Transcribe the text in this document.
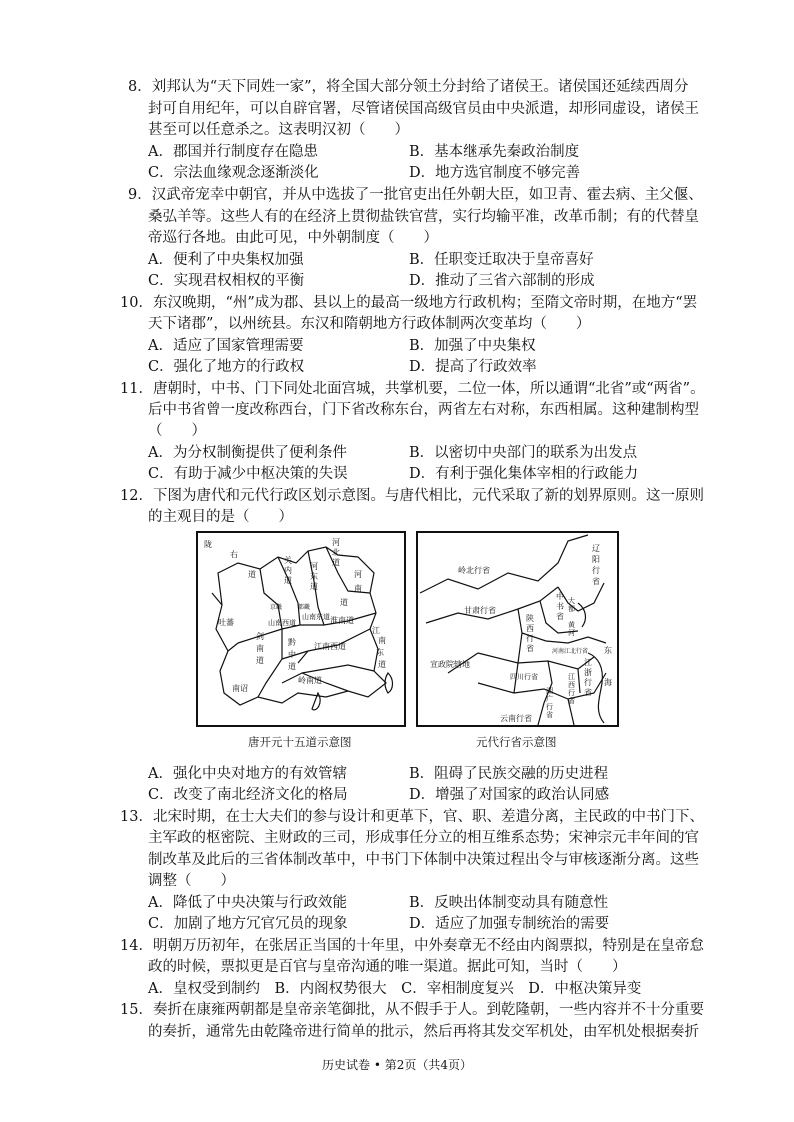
8．刘邦认为“天下同姓一家”，将全国大部分领土分封给了诸侯王。诸侯国还延续西周分
封可自用纪年，可以自辟官署，尽管诸侯国高级官员由中央派遣，却形同虚设，诸侯王
甚至可以任意杀之。这表明汉初（　　）
A．郡国并行制度存在隐患	B．基本继承先秦政治制度
C．宗法血缘观念逐渐淡化	D．地方选官制度不够完善
9．汉武帝宠幸中朝官，并从中选拔了一批官吏出任外朝大臣，如卫青、霍去病、主父偃、
桑弘羊等。这些人有的在经济上贯彻盐铁官营，实行均输平准，改革币制；有的代替皇
帝巡行各地。由此可见，中外朝制度（　　）
A．便利了中央集权加强	B．任职变迁取决于皇帝喜好
C．实现君权相权的平衡	D．推动了三省六部制的形成
10．东汉晚期，“州”成为郡、县以上的最高一级地方行政机构；至隋文帝时期，在地方“罢
天下诸郡”，以州统县。东汉和隋朝地方行政体制两次变革均（　　）
A．适应了国家管理需要	B．加强了中央集权
C．强化了地方的行政权	D．提高了行政效率
11．唐朝时，中书、门下同处北面宫城，共掌机要，二位一体，所以通谓“北省”或“两省”。
后中书省曾一度改称西台，门下省改称东台，两省左右对称，东西相属。这种建制构型
（　　）
A．为分权制衡提供了便利条件	B．以密切中央部门的联系为出发点
C．有助于减少中枢决策的失误	D．有利于强化集体宰相的行政能力
12．下图为唐代和元代行政区划示意图。与唐代相比，元代采取了新的划界原则。这一原则
的主观目的是（　　）
陇
右
道
关
内
道
河
北
道
河
东
道
河
南
道
吐蕃
剑
南
道
山南西道
山南东道 淮南道
黔
中
道
江南西道
江
南
东
道
岭南道
南诏
京畿	都畿
唐开元十五道示意图
辽
阳
行
省
岭北行省
甘肃行省
中
书
省
大
都
黄
河
陕
西
行
省
宣政院辖地
四川行省
河南江北行省
江
浙
行
省
湖
广
行
省
江
西
行
省
云南行省
东
海
元代行省示意图
A．强化中央对地方的有效管辖	B．阻碍了民族交融的历史进程
C．改变了南北经济文化的格局	D．增强了对国家的政治认同感
13．北宋时期，在士大夫们的参与设计和更革下，官、职、差遣分离，主民政的中书门下、
主军政的枢密院、主财政的三司，形成事任分立的相互维系态势；宋神宗元丰年间的官
制改革及此后的三省体制改革中，中书门下体制中决策过程出令与审核逐渐分离。这些
调整（　　）
A．降低了中央决策与行政效能	B．反映出体制变动具有随意性
C．加剧了地方冗官冗员的现象	D．适应了加强专制统治的需要
14．明朝万历初年，在张居正当国的十年里，中外奏章无不经由内阁票拟，特别是在皇帝怠
政的时候，票拟更是百官与皇帝沟通的唯一渠道。据此可知，当时（　　）
A．皇权受到制约　B．内阁权势很大　C．宰相制度复兴　D．中枢决策异变
15．奏折在康雍两朝都是皇帝亲笔御批，从不假手于人。到乾隆朝，一些内容并不十分重要
的奏折，通常先由乾隆帝进行简单的批示，然后再将其发交军机处，由军机处根据奏折
历史试卷 • 第2页（共4页）
